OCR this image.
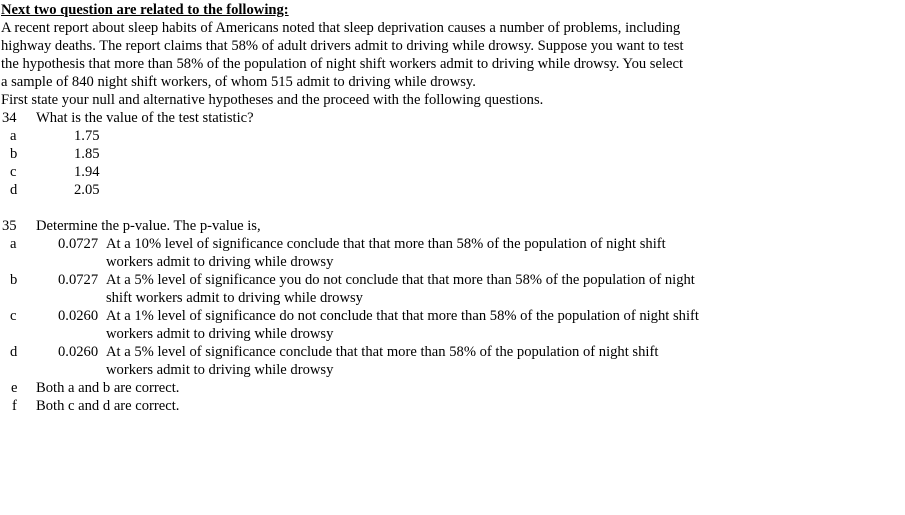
Next two question are related to the following:
A recent report about sleep habits of Americans noted that sleep deprivation causes a number of problems, including
highway deaths. The report claims that 58% of adult drivers admit to driving while drowsy. Suppose you want to test
the hypothesis that more than 58% of the population of night shift workers admit to driving while drowsy. You select
a sample of 840 night shift workers, of whom 515 admit to driving while drowsy.
First state your null and alternative hypotheses and the proceed with the following questions.
34 What is the value of the test statistic?
a	1.75
b	1.85
c	1.94
d	2.05
35 Determine the p-value. The p-value is,
a	0.0727 At a 10% level of significance conclude that that more than 58% of the population of night shift
workers admit to driving while drowsy
b	0.0727 At a 5% level of significance you do not conclude that that more than 58% of the population of night
shift workers admit to driving while drowsy
c	0.0260 At a 1% level of significance do not conclude that that more than 58% of the population of night shift
workers admit to driving while drowsy
d	0.0260 At a 5% level of significance conclude that that more than 58% of the population of night shift
workers admit to driving while drowsy
e Both a and b are correct.
f Both c and d are correct.
